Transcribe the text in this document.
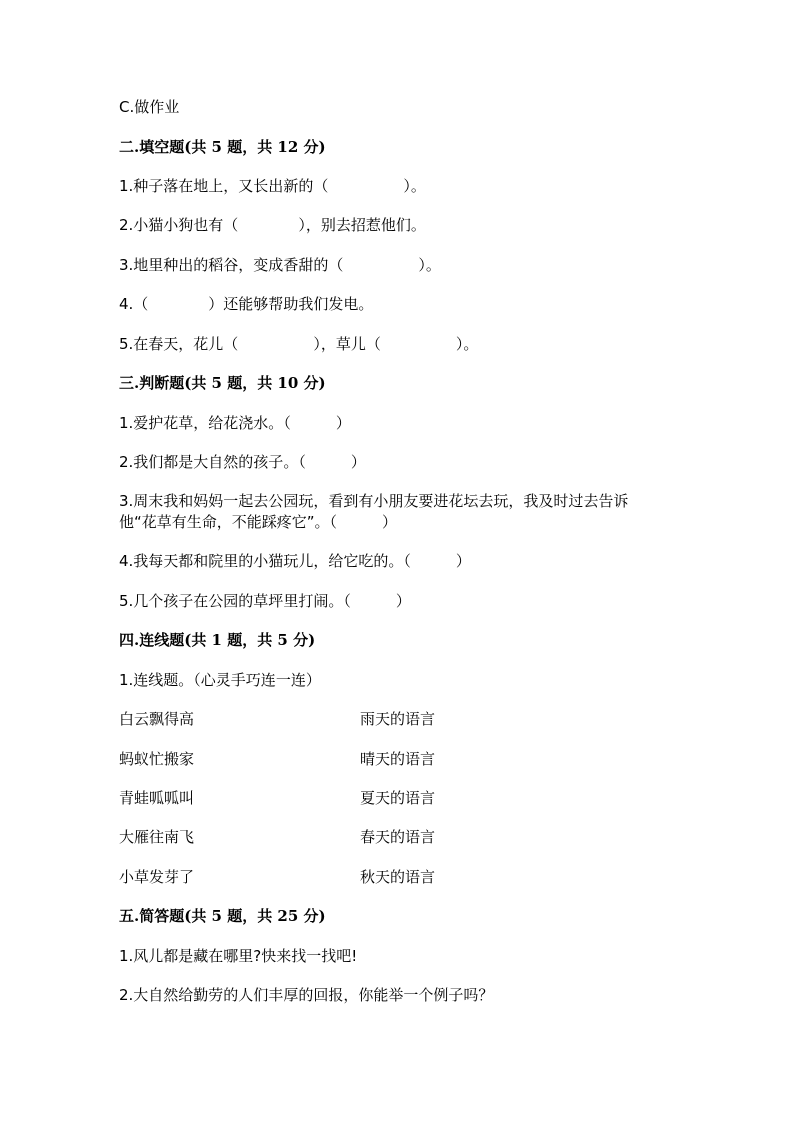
C.做作业
二.填空题(共 5 题，共 12 分)
1.种子落在地上，又长出新的（　　　　　）。
2.小猫小狗也有（　　　　），别去招惹他们。
3.地里种出的稻谷，变成香甜的（　　　　　）。
4.（　　　　）还能够帮助我们发电。
5.在春天，花儿（　　　　　），草儿（　　　　　）。
三.判断题(共 5 题，共 10 分)
1.爱护花草，给花浇水。（　　　）
2.我们都是大自然的孩子。（　　　）
3.周末我和妈妈一起去公园玩，看到有小朋友要进花坛去玩，我及时过去告诉
他“花草有生命，不能踩疼它”。（　　　）
4.我每天都和院里的小猫玩儿，给它吃的。（　　　）
5.几个孩子在公园的草坪里打闹。（　　　）
四.连线题(共 1 题，共 5 分)
1.连线题。（心灵手巧连一连）
白云飘得高	雨天的语言
蚂蚁忙搬家	晴天的语言
青蛙呱呱叫	夏天的语言
大雁往南飞	春天的语言
小草发芽了	秋天的语言
五.简答题(共 5 题，共 25 分)
1.风儿都是藏在哪里?快来找一找吧!
2.大自然给勤劳的人们丰厚的回报，你能举一个例子吗？
